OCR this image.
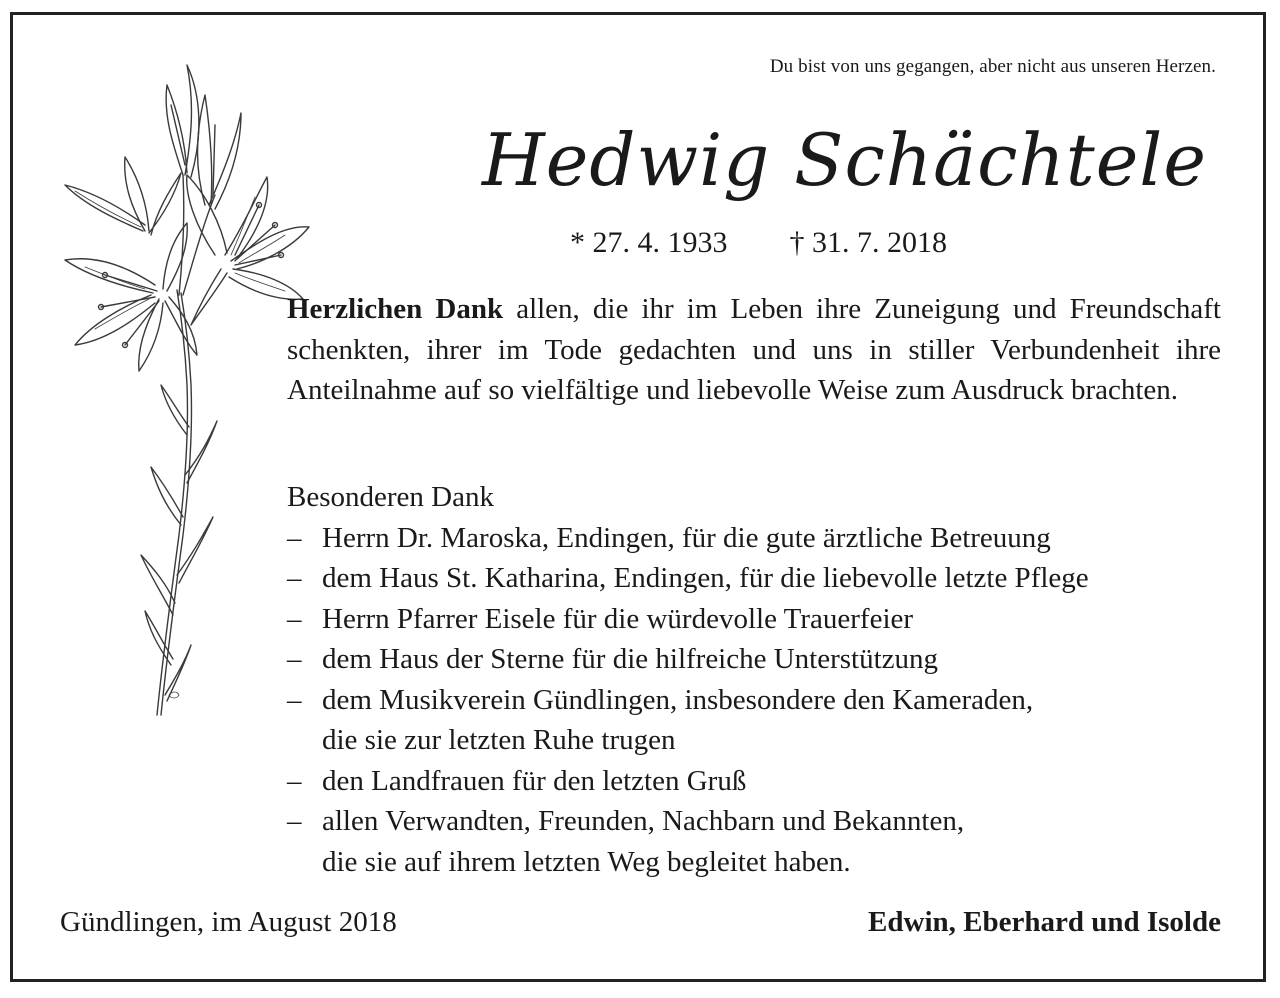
Du bist von uns gegangen, aber nicht aus unseren Herzen.
Hedwig Schächtele
* 27. 4. 1933 † 31. 7. 2018
Herzlichen Dank allen, die ihr im Leben ihre Zuneigung und Freundschaft schenkten, ihrer im Tode gedachten und uns in stiller Verbundenheit ihre Anteilnahme auf so vielfältige und liebevolle Weise zum Ausdruck brachten.

Besonderen Dank

– Herrn Dr. Maroska, Endingen, für die gute ärztliche Betreuung
– dem Haus St. Katharina, Endingen, für die liebevolle letzte Pflege
– Herrn Pfarrer Eisele für die würdevolle Trauerfeier
– dem Haus der Sterne für die hilfreiche Unterstützung
– dem Musikverein Gündlingen, insbesondere den Kameraden,
die sie zur letzten Ruhe trugen
– den Landfrauen für den letzten Gruß
– allen Verwandten, Freunden, Nachbarn und Bekannten,
die sie auf ihrem letzten Weg begleitet haben.
Gündlingen, im August 2018	Edwin, Eberhard und Isolde
